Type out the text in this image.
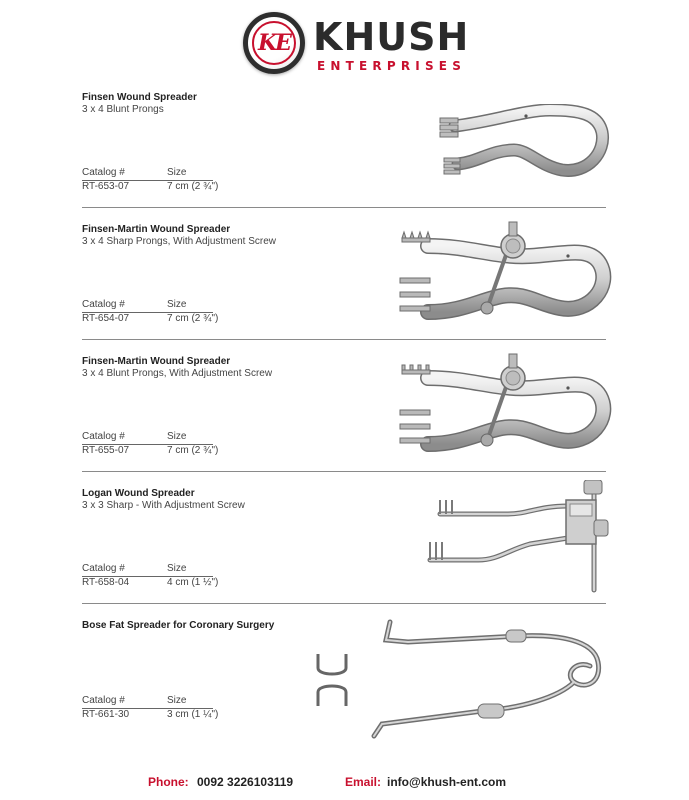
KE KHUSH
ENTERPRISES
Finsen Wound Spreader
3 x 4 Blunt Prongs
Catalog #	Size
RT-653-07	7 cm (2 ¾")
Finsen-Martin Wound Spreader
3 x 4 Sharp Prongs, With Adjustment Screw
Catalog #	Size
RT-654-07	7 cm (2 ¾")
Finsen-Martin Wound Spreader
3 x 4 Blunt Prongs, With Adjustment Screw
Catalog #	Size
RT-655-07	7 cm (2 ¾")
Logan Wound Spreader
3 x 3 Sharp - With Adjustment Screw
Catalog #	Size
RT-658-04	4 cm (1 ½")
Bose Fat Spreader for Coronary Surgery
Catalog #	Size
RT-661-30	3 cm (1 ¼")
Phone: 0092 3226103119	Email: info@khush-ent.com
